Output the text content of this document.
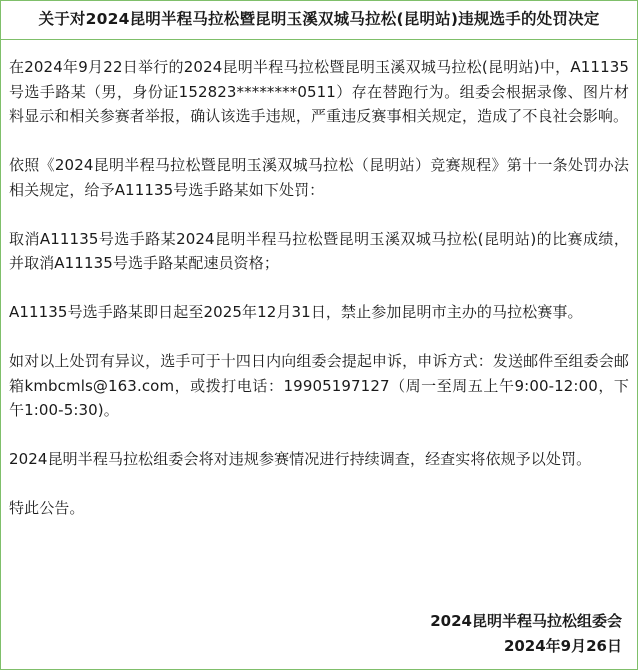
关于对2024昆明半程马拉松暨昆明玉溪双城马拉松(昆明站)违规选手的处罚决定

在2024年9月22日举行的2024昆明半程马拉松暨昆明玉溪双城马拉松(昆明站)中，A11135号选手路某（男，身份证152823********0511）存在替跑行为。组委会根据录像、图片材料显示和相关参赛者举报，确认该选手违规，严重违反赛事相关规定，造成了不良社会影响。

依照《2024昆明半程马拉松暨昆明玉溪双城马拉松（昆明站）竞赛规程》第十一条处罚办法相关规定，给予A11135号选手路某如下处罚：

取消A11135号选手路某2024昆明半程马拉松暨昆明玉溪双城马拉松(昆明站)的比赛成绩，并取消A11135号选手路某配速员资格；

A11135号选手路某即日起至2025年12月31日，禁止参加昆明市主办的马拉松赛事。

如对以上处罚有异议，选手可于十四日内向组委会提起申诉，申诉方式：发送邮件至组委会邮箱kmbcmls@163.com，或拨打电话：19905197127（周一至周五上午9:00-12:00，下午1:00-5:30)。

2024昆明半程马拉松组委会将对违规参赛情况进行持续调查，经查实将依规予以处罚。

特此公告。

2024昆明半程马拉松组委会
2024年9月26日
